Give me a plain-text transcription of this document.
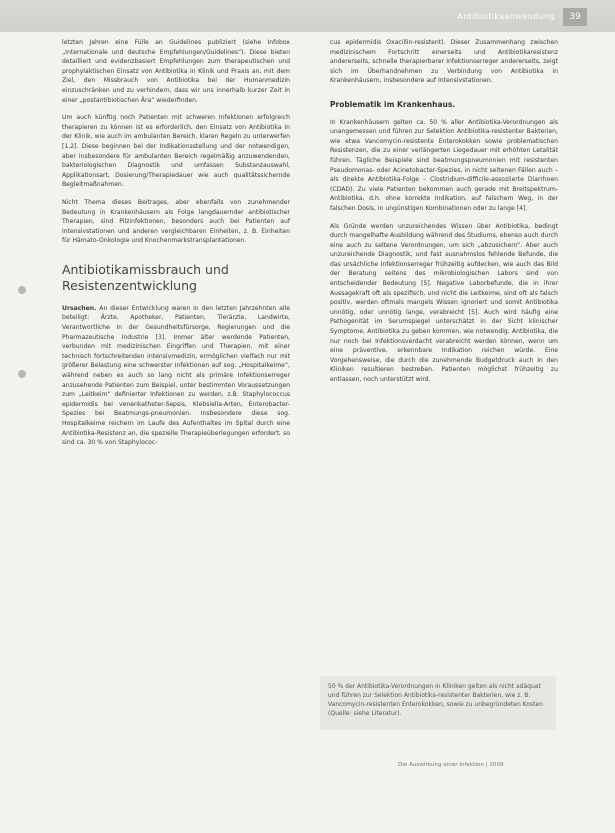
Antibiotikaanwendung	39

letzten Jahren eine Fülle an Guidelines publiziert (siehe Infobox „Internationale und deutsche Empfehlungen/Guidelines“). Diese bieten detailliert und evidenzbasiert Empfehlungen zum therapeutischen und prophylaktischen Einsatz von Antibiotika in Klinik und Praxis an, mit dem Ziel, den Missbrauch von Antibiotika bei der Humanmedizin einzuschränken und zu verhindern, dass wir uns innerhalb kurzer Zeit in einer „postantibiotischen Ära“ wiederfinden.

Um auch künftig noch Patienten mit schweren Infektionen erfolgreich therapieren zu können ist es erforderlich, den Einsatz von Antibiotika in der Klinik, wie auch im ambulanten Bereich, klaren Regeln zu unterwerfen [1,2]. Diese beginnen bei der Indikationsstellung und der notwendigen, aber insbesondere für ambulanten Bereich regelmäßig anzuwendenden, bakteriologischen Diagnostik und umfassen Substanzauswahl, Applikationsart, Dosierung/Therapiedauer wie auch qualitätssichernde Begleitmaßnahmen.

Nicht Thema dieses Beitrages, aber ebenfalls von zunehmender Bedeutung in Krankenhäusern als Folge langdauernder antibiotischer Therapien, sind Pilzinfektionen, besonders auch bei Patienten auf Intensivstationen und anderen vergleichbaren Einheiten, z. B. Einheiten für Hämato-Onkologie und Knochenmarkstransplantationen.

Antibiotikamissbrauch und Resistenzentwicklung

Ursachen. An dieser Entwicklung waren in den letzten Jahrzehnten alle beteiligt: Ärzte, Apotheker, Patienten, Tierärzte, Landwirte, Verantwortliche in der Gesundheitsfürsorge, Regierungen und die Pharmazeutische Industrie [3]. Immer älter werdende Patienten, verbunden mit medizinischen Eingriffen und Therapien, mit einer technisch fortschreitenden intensivmedizin, ermöglichen vielfach nur mit größerer Belastung eine schwerster Infektionen auf sog. „Hospitalkeime“, während neben es auch so lang nicht als primäre Infektionserreger anzusehende Patienten zum Beispiel, unter bestimmten Voraussetzungen zum „Leitkeim“ definierter Infektionen zu werden, z.B. Staphylococcus epidermidis bei venenkatheter-Sepsis, Klebsiella-Arten, Enterobacter-Spezies bei Beatmungs-pneumonien. Insbesondere diese sog. Hospitalkeime reichern im Laufe des Aufenthaltes im Spital durch eine Antibiotika-Resistenz an, die spezielle Therapieüberlegungen erfordert; so sind ca. 30 % von Staphylococ-

cus epidermidis Oxacillin-resistent). Dieser Zusammenhang zwischen medizinischem Fortschritt einerseits und Antibiotikaresistenz andererseits, schnelle therapierbarer Infektionserreger andererseits, zeigt sich im Überhandnehmen zu Verbindung von Antibiotika in Krankenhäusern, insbesondere auf Intensivstationen.

Problematik im Krankenhaus.

In Krankenhäusern gelten ca. 50 % aller Antibiotika-Verordnungen als unangemessen und führen zur Selektion Antibiotika-resistenter Bakterien, wie etwa Vancomycin-resistente Enterokokken sowie problematischen Resistenzen, die zu einer verlängerten Liegedauer mit erhöhten Letalität führen. Tägliche Beispiele sind beatmungspneumonien mit resistenten Pseudomonas- oder Acinetobacter-Spezies, in nicht seltenen Fällen auch – als direkte Antibiotika-Folge – Clostridium-difficile-assoziierte Diarrhoen (CDAD). Zu viele Patienten bekommen auch gerade mit Breitspektrum-Antibiotika, d.h. ohne korrekte Indikation, auf falschem Weg, in der falschen Dosis, in ungünstigen Kombinationen oder zu lange [4].

Als Gründe werden unzureichendes Wissen über Antibiotika, bedingt durch mangelhafte Ausbildung während des Studiums, ebenso auch durch eine auch zu seltene Verordnungen, um sich „abzusichern“. Aber auch unzureichende Diagnostik, und fast ausnahmslos fehlende Befunde, die das ursächliche Infektionserreger frühzeitig aufdecken, wie auch das Bild der Beratung seitens des mikrobiologischen Labors sind von entscheidender Bedeutung [5]. Negative Laborbefunde, die in ihrer Aussagekraft oft als spezifisch, und nicht die Leitkeime, sind oft als falsch positiv, werden oftmals mangels Wissen ignoriert und somit Antibiotika unnötig, oder unnötig lange, verabreicht [5]. Auch wird häufig eine Pathogenität im Serumspiegel unterschätzt in der Sicht klinischer Symptome, Antibiotika zu geben kommen, wie notwendig. Antibiotika, die nur noch bei Infektionsverdacht verabreicht werden können, wenn um eine präventive, erkennbare Indikation reichen würde. Eine Vorgehensweise, die durch die zunehmende Budgetdruck auch in den Kliniken resultieren bestreben. Patienten möglichst frühzeitig zu entlassen, noch unterstützt wird.

50 % der Antibiotika-Verordnungen in Kliniken gelten als nicht adäquat und führen zur Selektion Antibiotika-resistenter Bakterien, wie z. B. Vancomycin-resistenten Enterokokken, sowie zu unbegründeten Kosten (Quelle: siehe Literatur).
Die Auswirkung einer Infektion | 2009
